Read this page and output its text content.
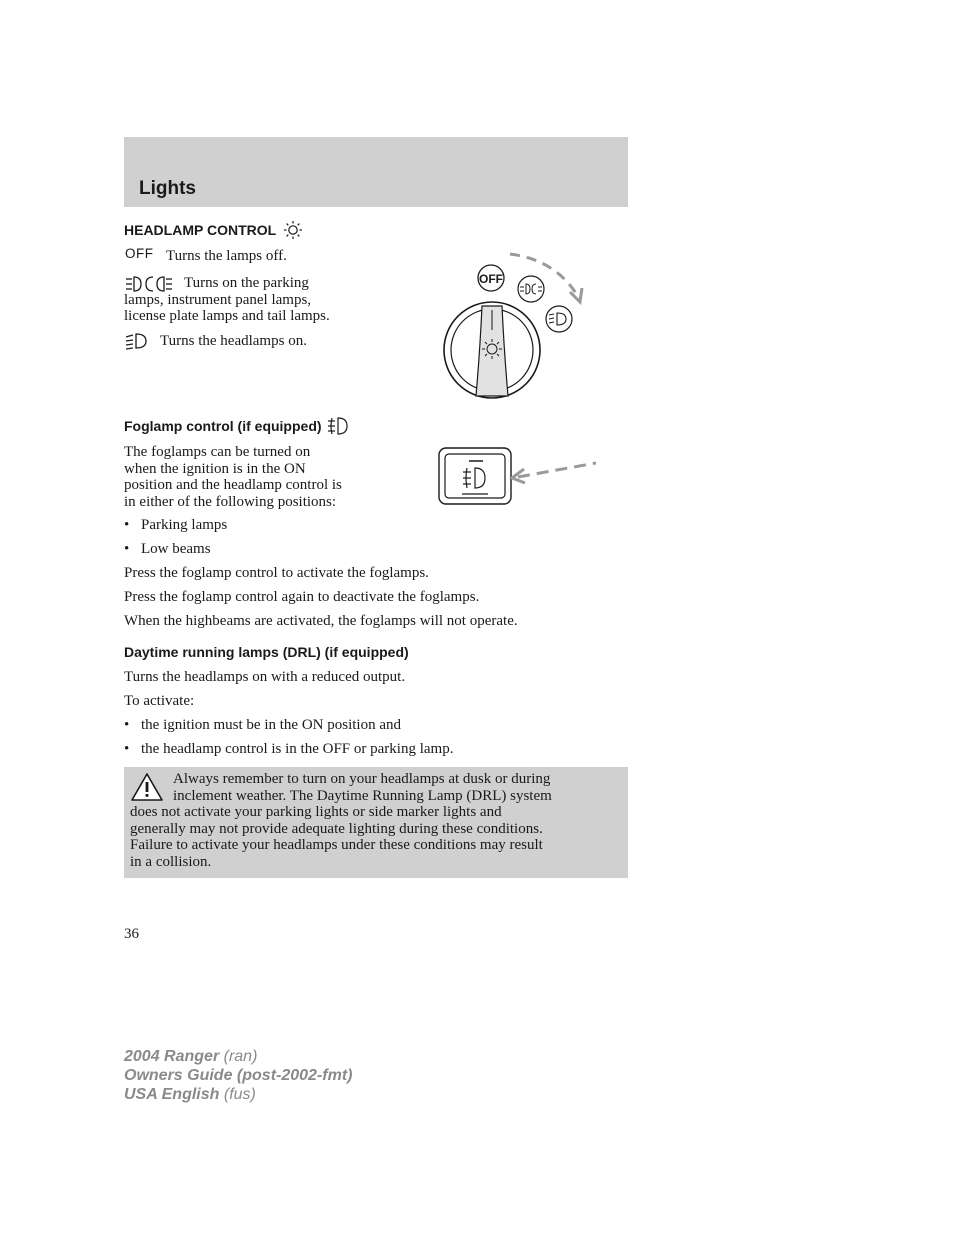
Lights
HEADLAMP CONTROL
OFF Turns the lamps off.
Turns on the parking
lamps, instrument panel lamps,
license plate lamps and tail lamps.
Turns the headlamps on.
OFF
Foglamp control (if equipped)
The foglamps can be turned on
when the ignition is in the ON
position and the headlamp control is
in either of the following positions:
• Parking lamps
• Low beams
Press the foglamp control to activate the foglamps.
Press the foglamp control again to deactivate the foglamps.
When the highbeams are activated, the foglamps will not operate.
Daytime running lamps (DRL) (if equipped)
Turns the headlamps on with a reduced output.
To activate:
• the ignition must be in the ON position and
• the headlamp control is in the OFF or parking lamp.

Always remember to turn on your headlamps at dusk or during

inclement weather. The Daytime Running Lamp (DRL) system

does not activate your parking lights or side marker lights and

generally may not provide adequate lighting during these conditions.

Failure to activate your headlamps under these conditions may result

in a collision.

36
2004 Ranger (ran)
Owners Guide (post-2002-fmt)
USA English (fus)
